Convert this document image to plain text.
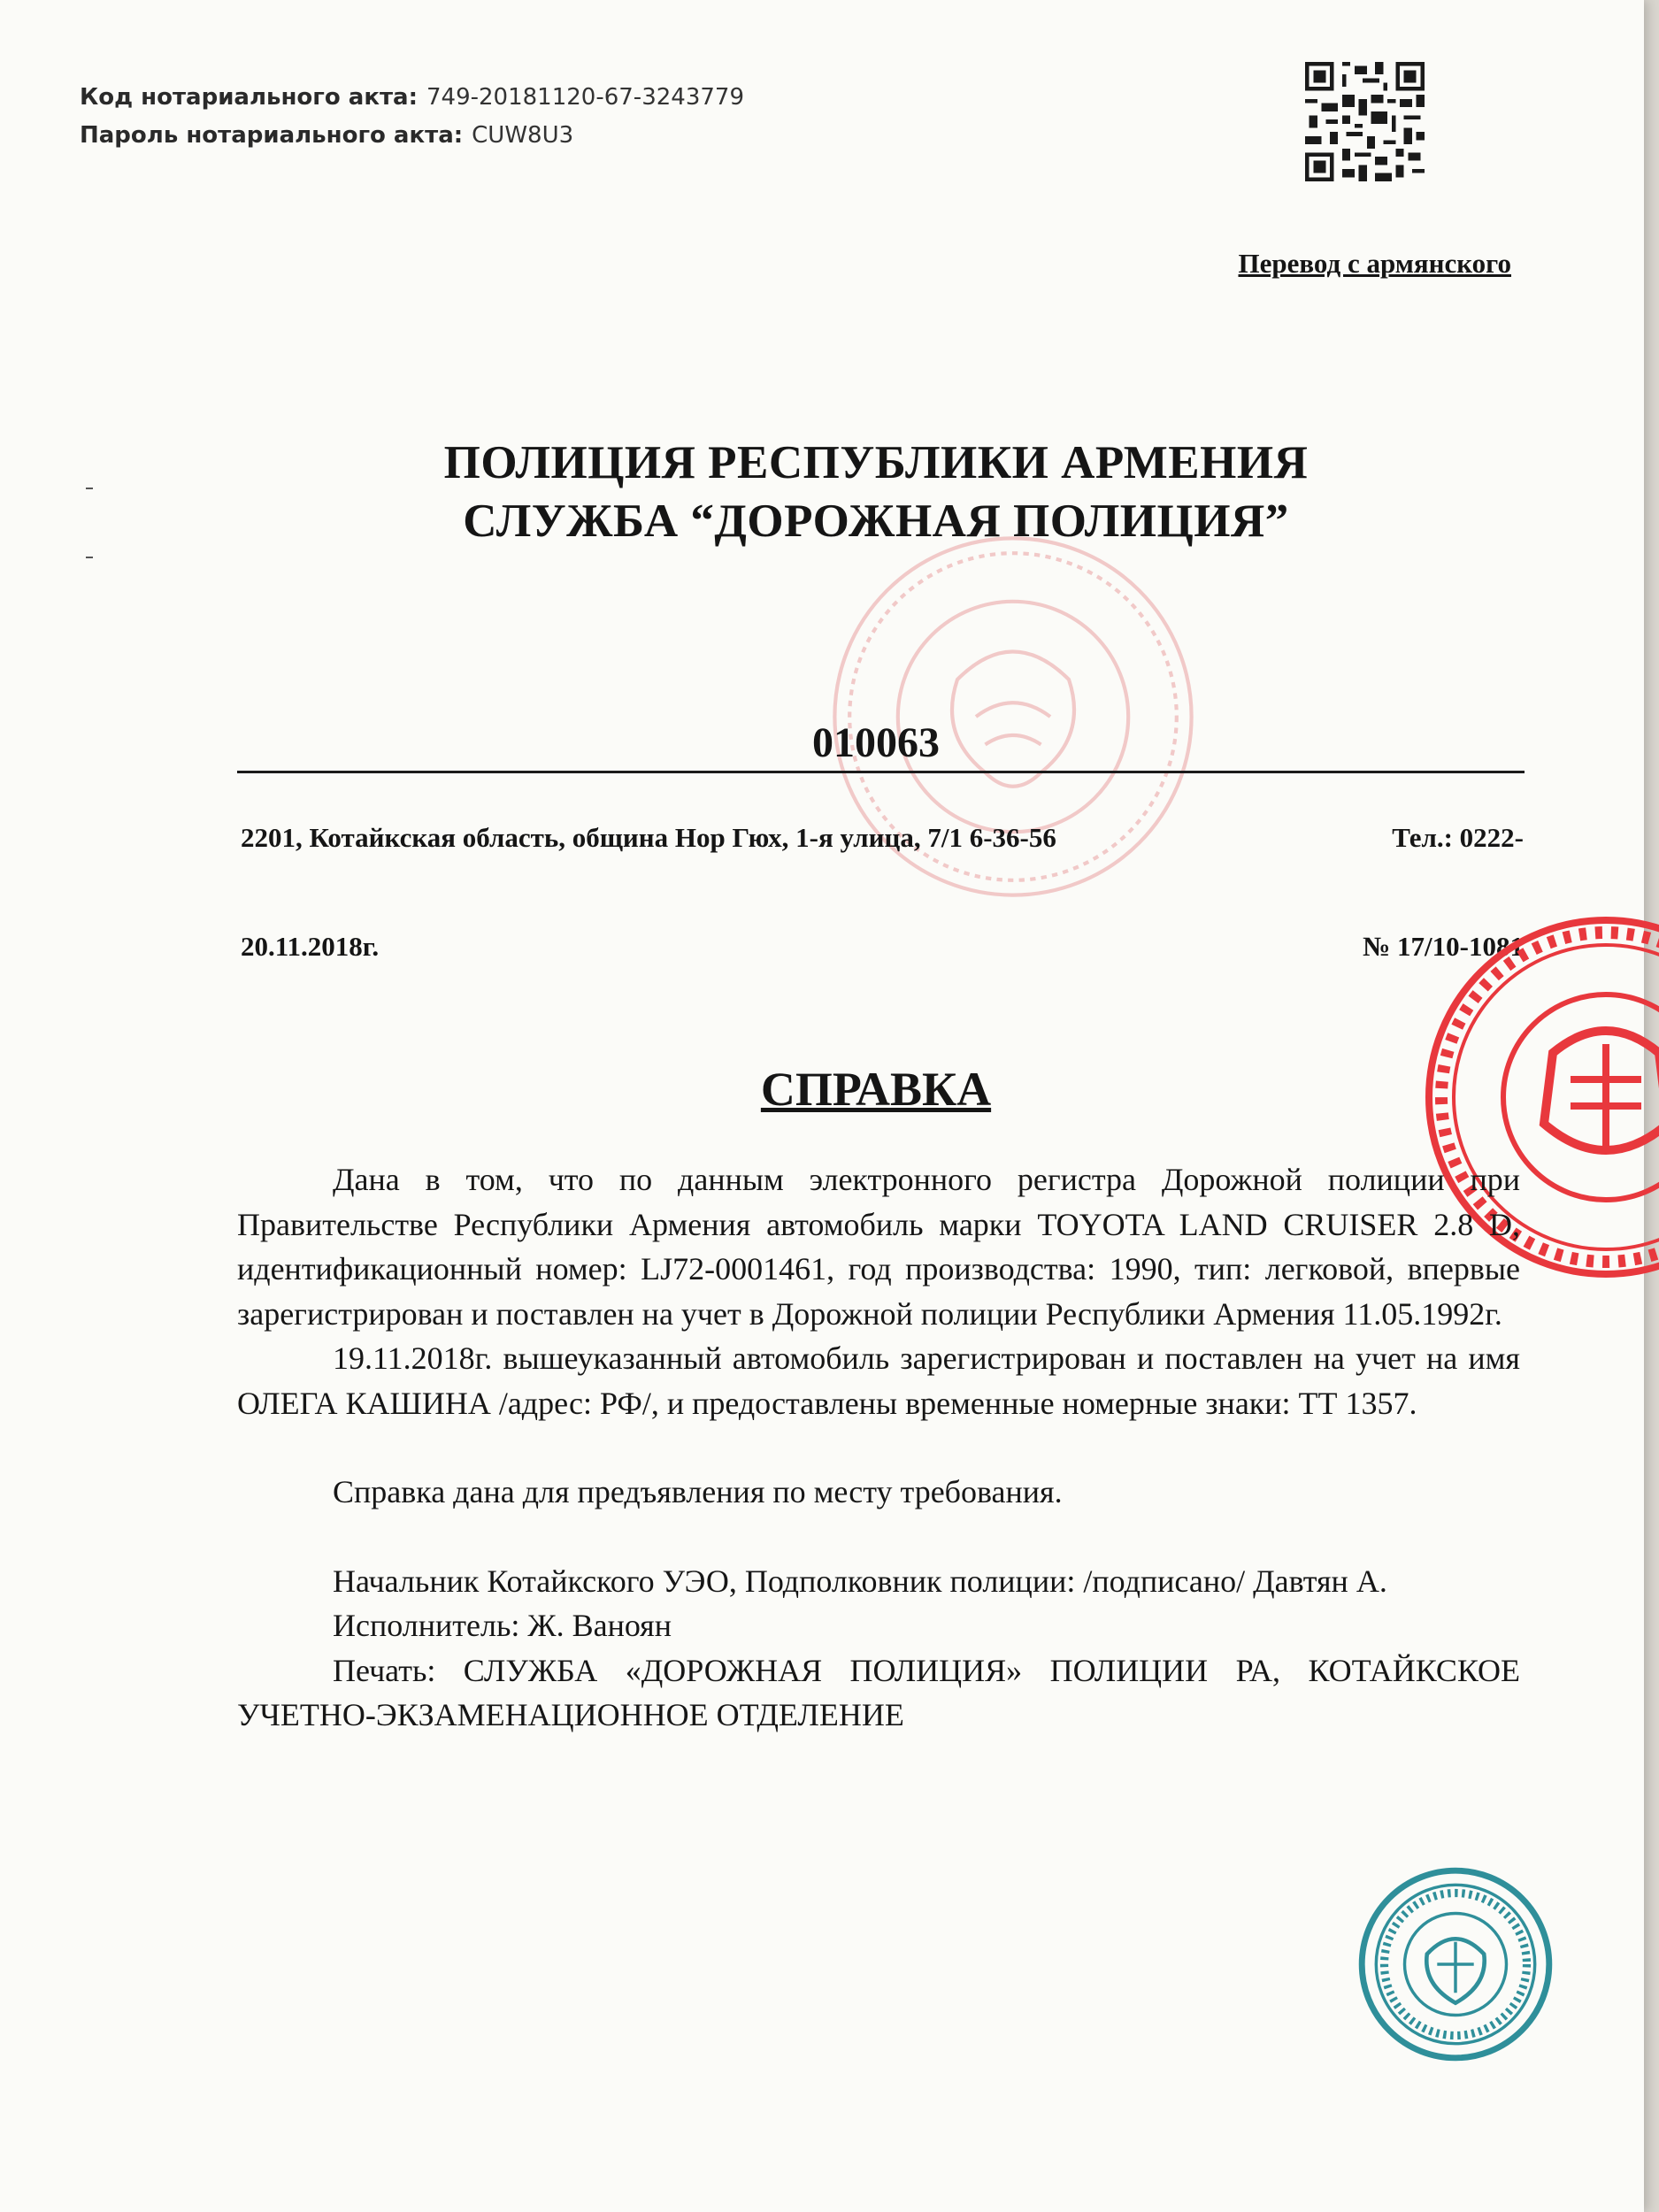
Код нотариального акта: 749-20181120-67-3243779
Пароль нотариального акта: CUW8U3
Перевод с армянского
ПОЛИЦИЯ РЕСПУБЛИКИ АРМЕНИЯ
СЛУЖБА “ДОРОЖНАЯ ПОЛИЦИЯ”
010063
2201, Котайкская область, община Нор Гюх, 1-я улица, 7/1 6-36-56	Тел.: 0222-
20.11.2018г.	№ 17/10-1081
СПРАВКА

Дана в том, что по данным электронного регистра Дорожной полиции при Правительстве Республики Армения автомобиль марки TOYOTA LAND CRUISER 2.8 D, идентификационный номер: LJ72-0001461, год производства: 1990, тип: легковой, впервые зарегистрирован и поставлен на учет в Дорожной полиции Республики Армения 11.05.1992г.

19.11.2018г. вышеуказанный автомобиль зарегистрирован и поставлен на учет на имя ОЛЕГА КАШИНА /адрес: РФ/, и предоставлены временные номерные знаки: ТТ 1357.

Справка дана для предъявления по месту требования.

Начальник Котайкского УЭО, Подполковник полиции: /подписано/ Давтян А.

Исполнитель: Ж. Ваноян

Печать: СЛУЖБА «ДОРОЖНАЯ ПОЛИЦИЯ» ПОЛИЦИИ РА, КОТАЙКСКОЕ УЧЕТНО-ЭКЗАМЕНАЦИОННОЕ ОТДЕЛЕНИЕ
